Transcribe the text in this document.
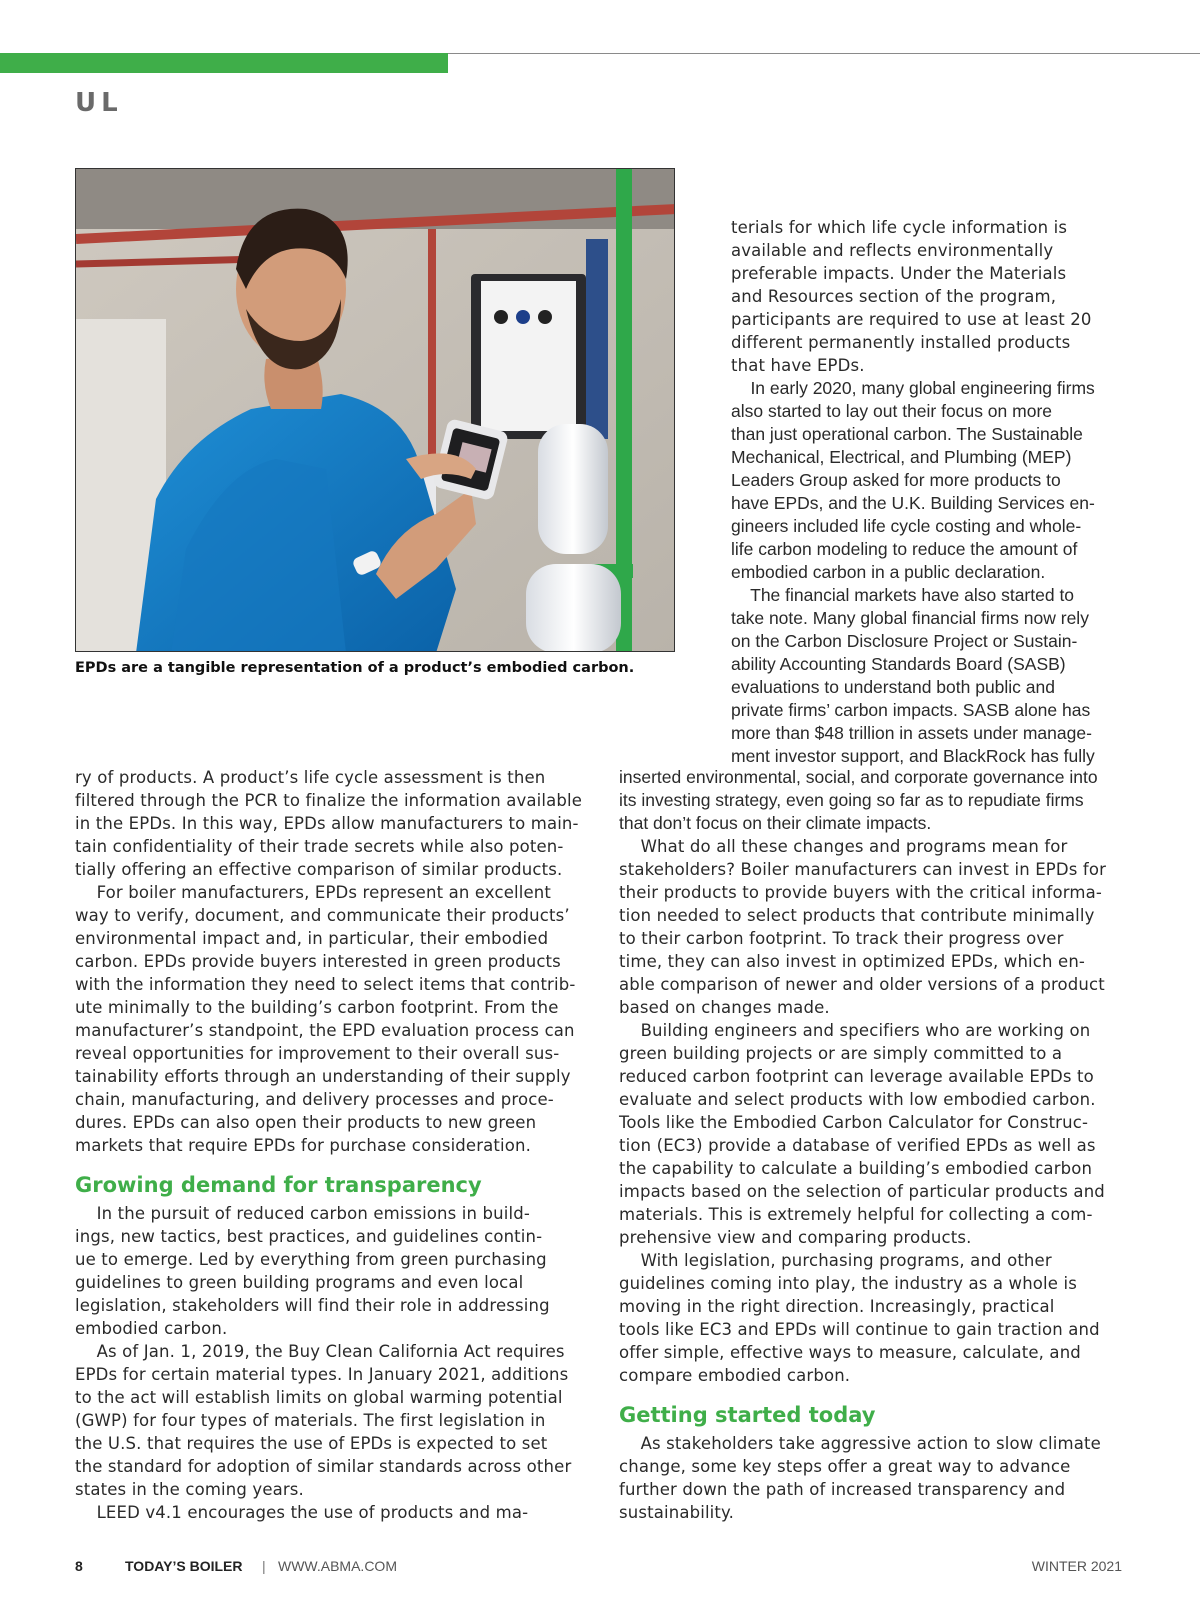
UL
EPDs are a tangible representation of a product’s embodied carbon.
terials for which life cycle information is
available and reflects environmentally
preferable impacts. Under the Materials
and Resources section of the program,
participants are required to use at least 20
different permanently installed products
that have EPDs.
In early 2020, many global engineering firms
also started to lay out their focus on more
than just operational carbon. The Sustainable
Mechanical, Electrical, and Plumbing (MEP)
Leaders Group asked for more products to
have EPDs, and the U.K. Building Services en-
gineers included life cycle costing and whole-
life carbon modeling to reduce the amount of
embodied carbon in a public declaration.
The financial markets have also started to
take note. Many global financial firms now rely
on the Carbon Disclosure Project or Sustain-
ability Accounting Standards Board (SASB)
evaluations to understand both public and
private firms’ carbon impacts. SASB alone has
more than $48 trillion in assets under manage-
ment investor support, and BlackRock has fully
ry of products. A product’s life cycle assessment is then
filtered through the PCR to finalize the information available
in the EPDs. In this way, EPDs allow manufacturers to main-
tain confidentiality of their trade secrets while also poten-
tially offering an effective comparison of similar products.
For boiler manufacturers, EPDs represent an excellent
way to verify, document, and communicate their products’
environmental impact and, in particular, their embodied
carbon. EPDs provide buyers interested in green products
with the information they need to select items that contrib-
ute minimally to the building’s carbon footprint. From the
manufacturer’s standpoint, the EPD evaluation process can
reveal opportunities for improvement to their overall sus-
tainability efforts through an understanding of their supply
chain, manufacturing, and delivery processes and proce-
dures. EPDs can also open their products to new green
markets that require EPDs for purchase consideration.
Growing demand for transparency
In the pursuit of reduced carbon emissions in build-
ings, new tactics, best practices, and guidelines contin-
ue to emerge. Led by everything from green purchasing
guidelines to green building programs and even local
legislation, stakeholders will find their role in addressing
embodied carbon.
As of Jan. 1, 2019, the Buy Clean California Act requires
EPDs for certain material types. In January 2021, additions
to the act will establish limits on global warming potential
(GWP) for four types of materials. The first legislation in
the U.S. that requires the use of EPDs is expected to set
the standard for adoption of similar standards across other
states in the coming years.
LEED v4.1 encourages the use of products and ma-
inserted environmental, social, and corporate governance into
its investing strategy, even going so far as to repudiate firms
that don’t focus on their climate impacts.
What do all these changes and programs mean for
stakeholders? Boiler manufacturers can invest in EPDs for
their products to provide buyers with the critical informa-
tion needed to select products that contribute minimally
to their carbon footprint. To track their progress over
time, they can also invest in optimized EPDs, which en-
able comparison of newer and older versions of a product
based on changes made.
Building engineers and specifiers who are working on
green building projects or are simply committed to a
reduced carbon footprint can leverage available EPDs to
evaluate and select products with low embodied carbon.
Tools like the Embodied Carbon Calculator for Construc-
tion (EC3) provide a database of verified EPDs as well as
the capability to calculate a building’s embodied carbon
impacts based on the selection of particular products and
materials. This is extremely helpful for collecting a com-
prehensive view and comparing products.
With legislation, purchasing programs, and other
guidelines coming into play, the industry as a whole is
moving in the right direction. Increasingly, practical
tools like EC3 and EPDs will continue to gain traction and
offer simple, effective ways to measure, calculate, and
compare embodied carbon.
Getting started today
As stakeholders take aggressive action to slow climate
change, some key steps offer a great way to advance
further down the path of increased transparency and
sustainability.
8	TODAY’S BOILER | WWW.ABMA.COM	WINTER 2021
